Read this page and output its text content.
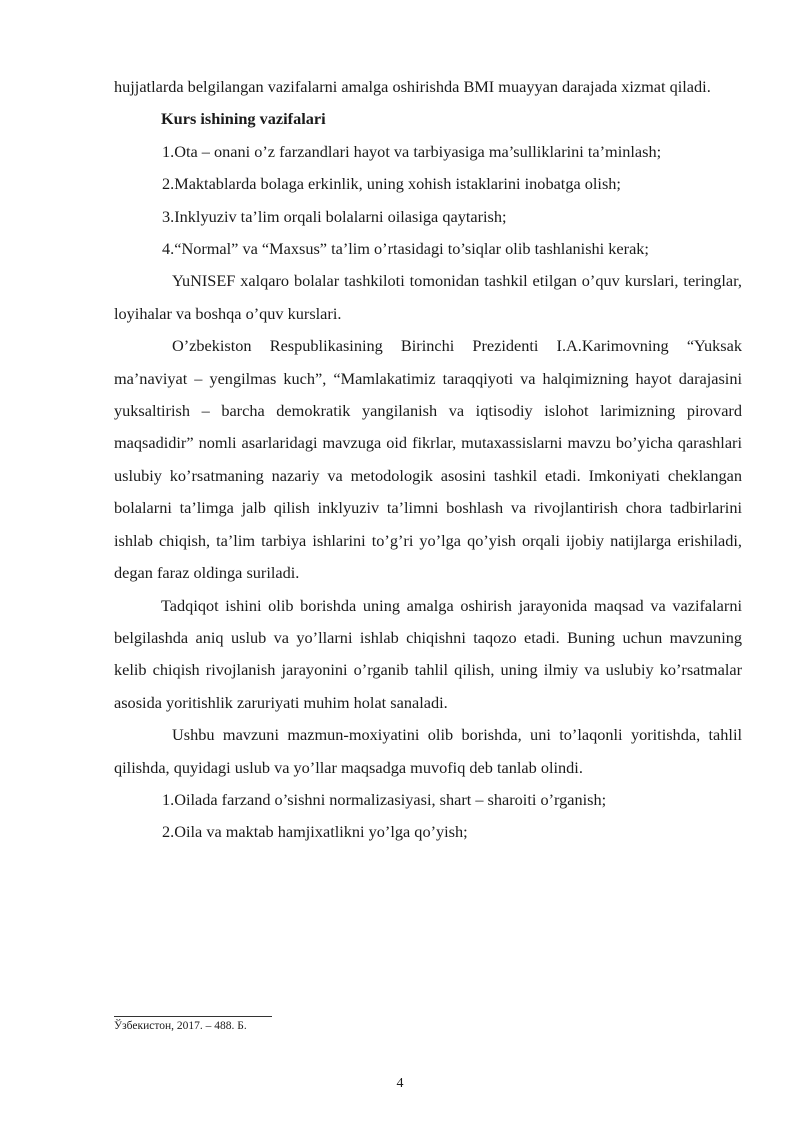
hujjatlarda belgilangan vazifalarni amalga oshirishda BMI muayyan darajada xizmat qiladi.

Kurs ishining vazifalari

1.Ota – onani o’z farzandlari hayot va tarbiyasiga ma’sulliklarini ta’minlash;

2.Maktablarda bolaga erkinlik, uning xohish istaklarini inobatga olish;

3.Inklyuziv ta’lim orqali bolalarni oilasiga qaytarish;

4.“Normal” va “Maxsus” ta’lim o’rtasidagi to’siqlar olib tashlanishi kerak;

YuNISEF xalqaro bolalar tashkiloti tomonidan tashkil etilgan o’quv kurslari, teringlar, loyihalar va boshqa o’quv kurslari.

O’zbekiston Respublikasining Birinchi Prezidenti I.A.Karimovning “Yuksak ma’naviyat – yengilmas kuch”, “Mamlakatimiz taraqqiyoti va halqimizning hayot darajasini yuksaltirish – barcha demokratik yangilanish va iqtisodiy islohot larimizning pirovard maqsadidir” nomli asarlaridagi mavzuga oid fikrlar, mutaxassislarni mavzu bo’yicha qarashlari uslubiy ko’rsatmaning nazariy va metodologik asosini tashkil etadi. Imkoniyati cheklangan bolalarni ta’limga jalb qilish inklyuziv ta’limni boshlash va rivojlantirish chora tadbirlarini ishlab chiqish, ta’lim tarbiya ishlarini to’g’ri yo’lga qo’yish orqali ijobiy natijlarga erishiladi, degan faraz oldinga suriladi.

Tadqiqot ishini olib borishda uning amalga oshirish jarayonida maqsad va vazifalarni belgilashda aniq uslub va yo’llarni ishlab chiqishni taqozo etadi. Buning uchun mavzuning kelib chiqish rivojlanish jarayonini o’rganib tahlil qilish, uning ilmiy va uslubiy ko’rsatmalar asosida yoritishlik zaruriyati muhim holat sanaladi.

Ushbu mavzuni mazmun-moxiyatini olib borishda, uni to’laqonli yoritishda, tahlil qilishda, quyidagi uslub va yo’llar maqsadga muvofiq deb tanlab olindi.

1.Oilada farzand o’sishni normalizasiyasi, shart – sharoiti o’rganish;

2.Oila va maktab hamjixatlikni yo’lga qo’yish;

Ўзбекистон, 2017. – 488. Б.
4
